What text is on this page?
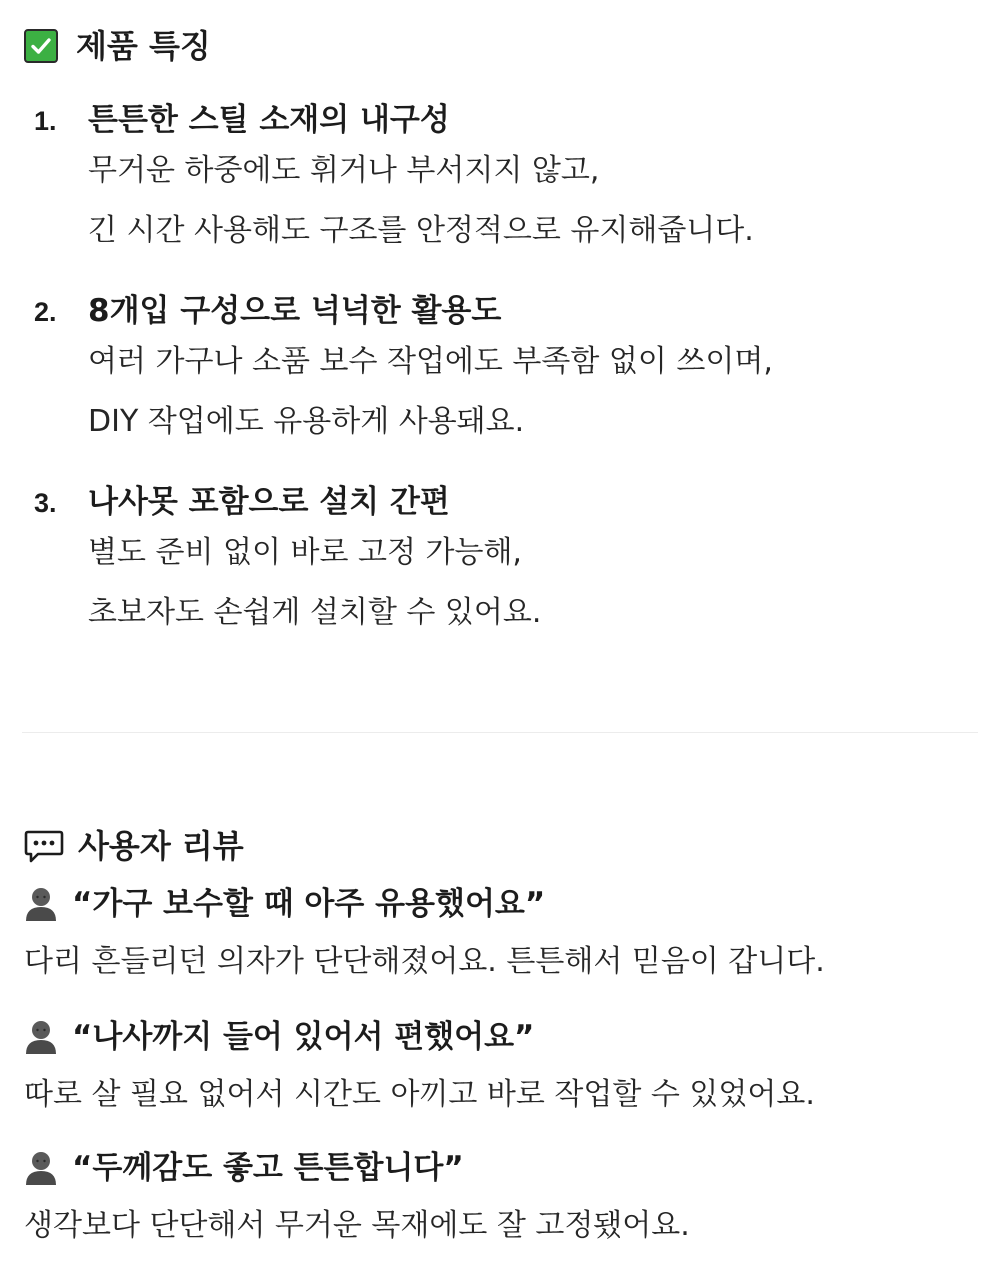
제품 특징
1.	튼튼한 스틸 소재의 내구성
무거운 하중에도 휘거나 부서지지 않고,
긴 시간 사용해도 구조를 안정적으로 유지해줍니다.
2.	8개입 구성으로 넉넉한 활용도
여러 가구나 소품 보수 작업에도 부족함 없이 쓰이며,
DIY 작업에도 유용하게 사용돼요.
3.	나사못 포함으로 설치 간편
별도 준비 없이 바로 고정 가능해,
초보자도 손쉽게 설치할 수 있어요.
사용자 리뷰
“가구 보수할 때 아주 유용했어요”
다리 흔들리던 의자가 단단해졌어요. 튼튼해서 믿음이 갑니다.
“나사까지 들어 있어서 편했어요”
따로 살 필요 없어서 시간도 아끼고 바로 작업할 수 있었어요.
“두께감도 좋고 튼튼합니다”
생각보다 단단해서 무거운 목재에도 잘 고정됐어요.
